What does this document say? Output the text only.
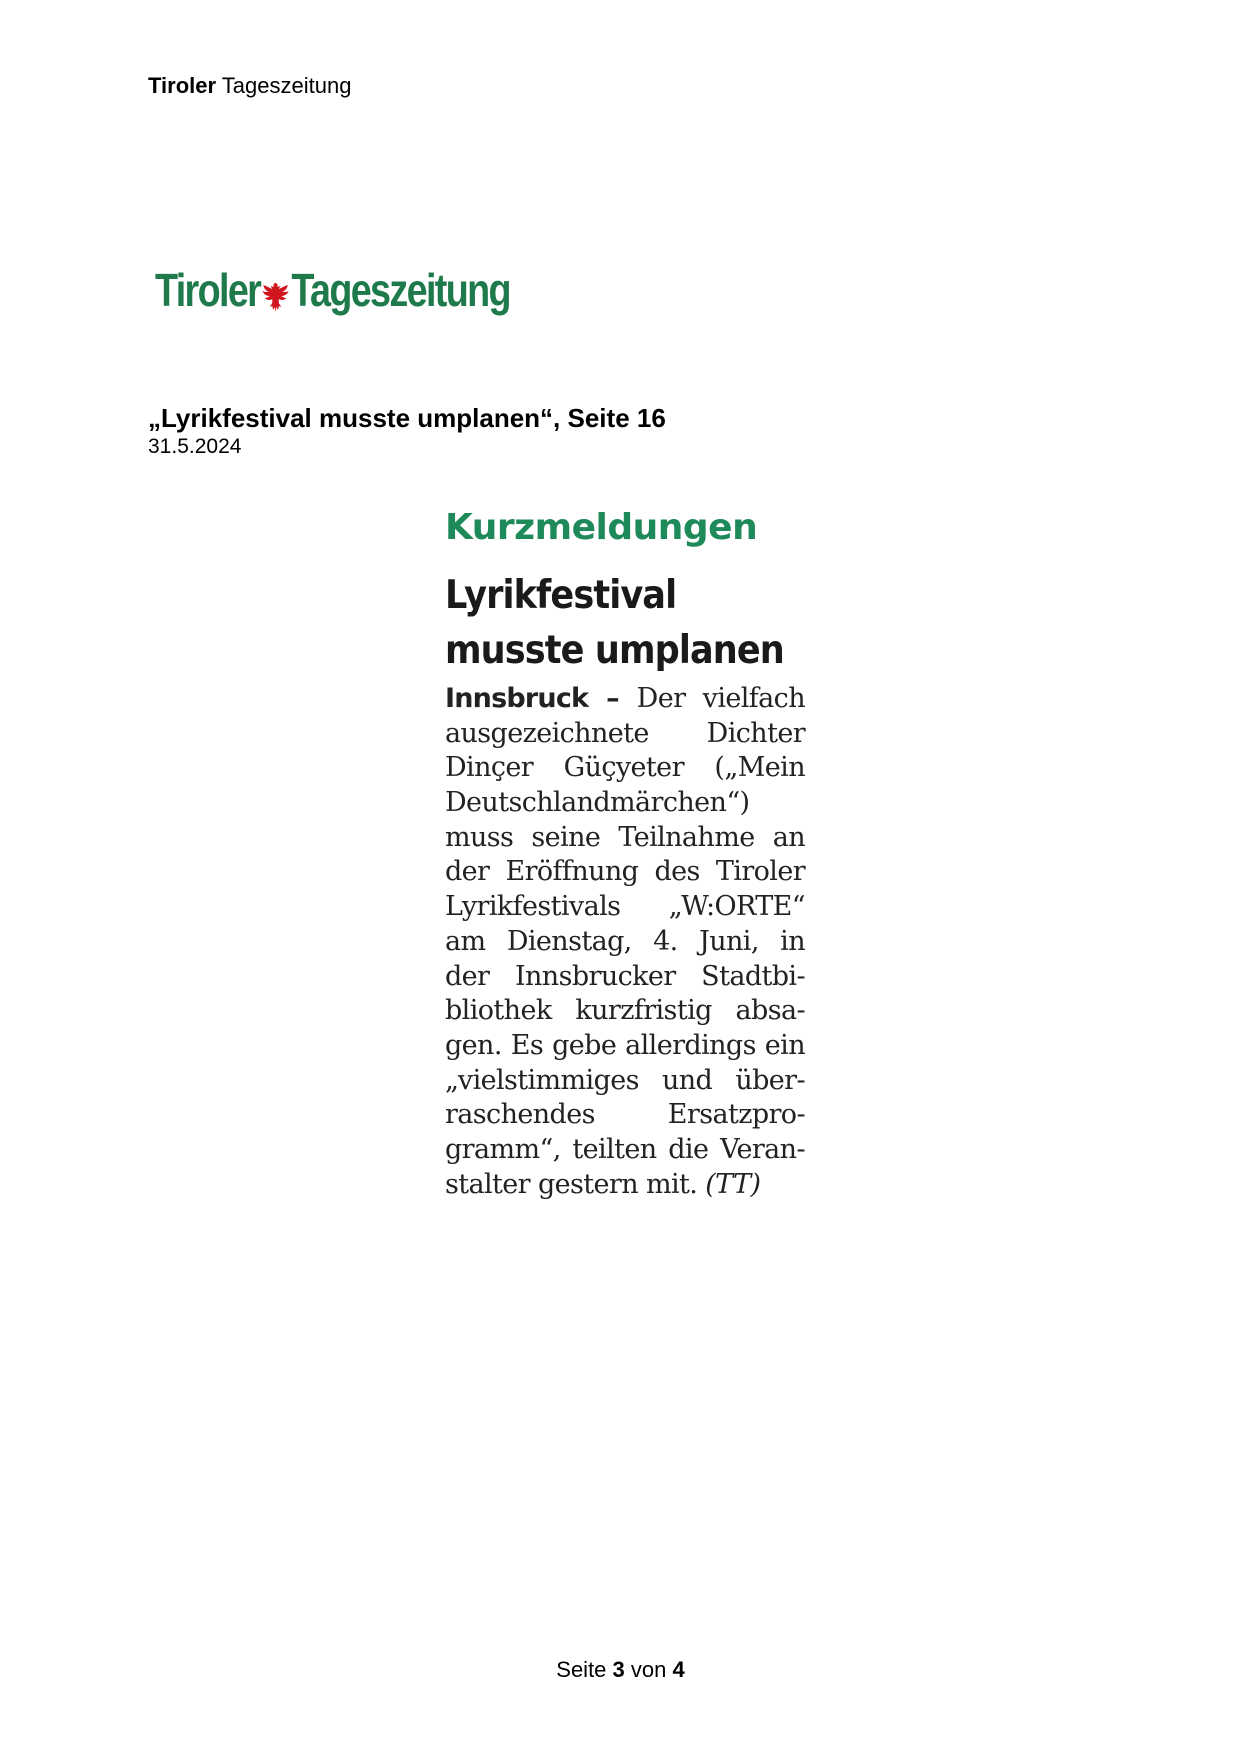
Tiroler Tageszeitung
Tiroler Tageszeitung
„Lyrikfestival musste umplanen“, Seite 16
31.5.2024
Kurzmeldungen
Lyrikfestival
musste umplanen
Innsbruck – Der vielfach
ausgezeichnete Dichter
Dinçer Güçyeter („Mein
Deutschlandmärchen“)
muss seine Teilnahme an
der Eröffnung des Tiroler
Lyrikfestivals „W:ORTE“
am Dienstag, 4. Juni, in
der Innsbrucker Stadtbi-
bliothek kurzfristig absa-
gen. Es gebe allerdings ein
„vielstimmiges und über-
raschendes Ersatzpro-
gramm“, teilten die Veran-
stalter gestern mit. (TT)
Seite 3 von 4
